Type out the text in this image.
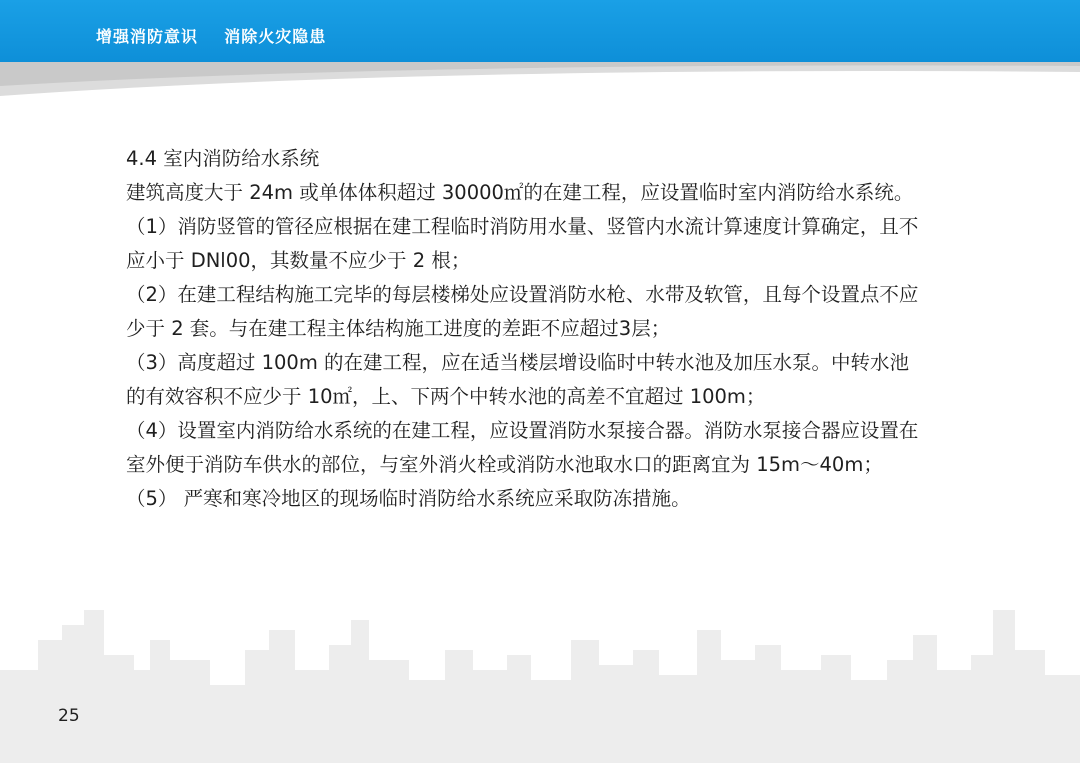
增强消防意识    消除火灾隐患

4.4 室内消防给水系统

建筑高度大于 24m 或单体体积超过 30000㎡的在建工程，应设置临时室内消防给水系统。

（1）消防竖管的管径应根据在建工程临时消防用水量、竖管内水流计算速度计算确定，且不应小于 DNl00，其数量不应少于 2 根；

（2）在建工程结构施工完毕的每层楼梯处应设置消防水枪、水带及软管，且每个设置点不应少于 2 套。与在建工程主体结构施工进度的差距不应超过3层；

（3）高度超过 100m 的在建工程，应在适当楼层增设临时中转水池及加压水泵。中转水池的有效容积不应少于 10㎡，上、下两个中转水池的高差不宜超过 100m；

（4）设置室内消防给水系统的在建工程，应设置消防水泵接合器。消防水泵接合器应设置在室外便于消防车供水的部位，与室外消火栓或消防水池取水口的距离宜为 15m～40m；

（5） 严寒和寒冷地区的现场临时消防给水系统应采取防冻措施。

25
